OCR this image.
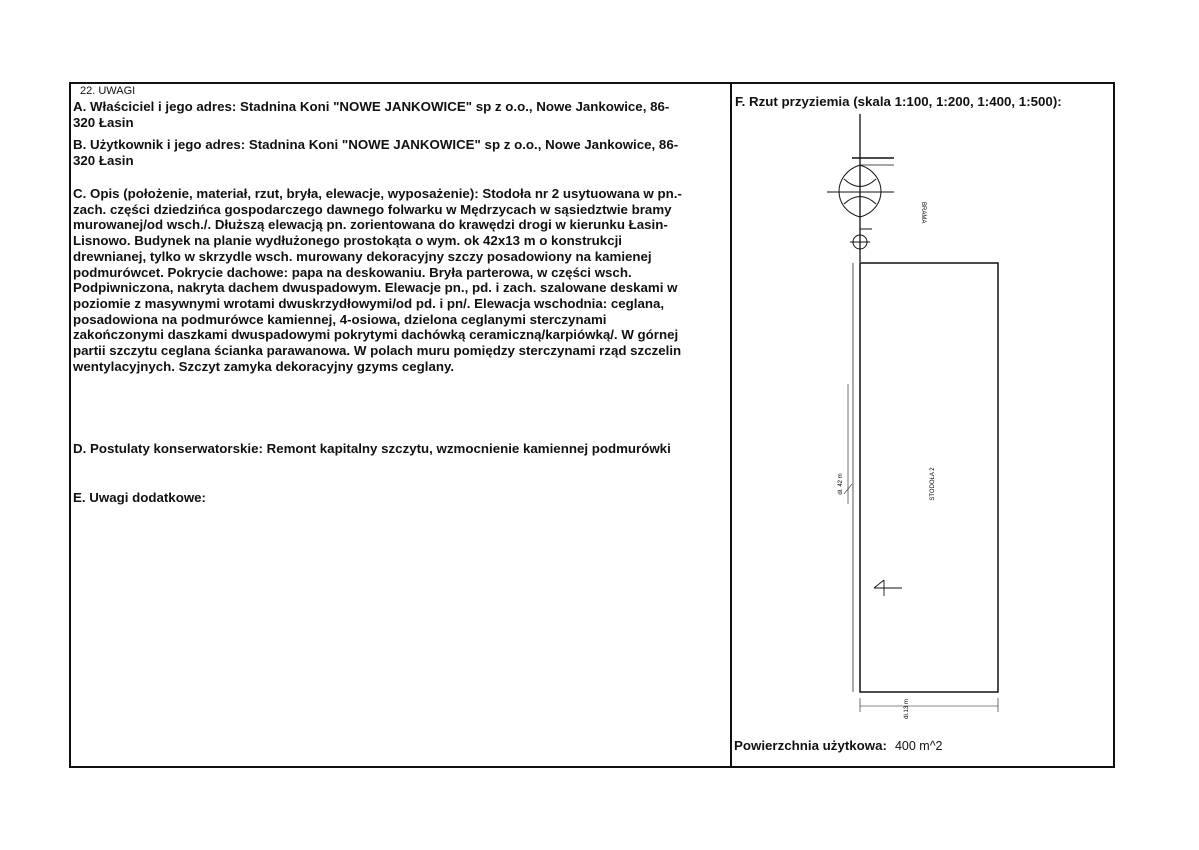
22. UWAGI
A. Właściciel i jego adres: Stadnina Koni "NOWE JANKOWICE" sp z o.o., Nowe Jankowice, 86-
320 Łasin
B. Użytkownik i jego adres: Stadnina Koni "NOWE JANKOWICE" sp z o.o., Nowe Jankowice, 86-
320 Łasin
C. Opis (położenie, materiał, rzut, bryła, elewacje, wyposażenie): Stodoła nr 2 usytuowana w pn.-
zach. części dziedzińca gospodarczego dawnego folwarku w Mędrzycach w sąsiedztwie bramy
murowanej/od wsch./. Dłuższą elewacją pn. zorientowana do krawędzi drogi w kierunku Łasin-
Lisnowo. Budynek na planie wydłużonego prostokąta o wym. ok 42x13 m o konstrukcji
drewnianej, tylko w skrzydle wsch. murowany dekoracyjny szczy posadowiony na kamienej
podmurówcet. Pokrycie dachowe: papa na deskowaniu. Bryła parterowa, w części wsch.
Podpiwniczona, nakryta dachem dwuspadowym. Elewacje pn., pd. i zach. szalowane deskami w
poziomie z masywnymi wrotami dwuskrzydłowymi/od pd. i pn/. Elewacja wschodnia: ceglana,
posadowiona na podmurówce kamiennej, 4-osiowa, dzielona ceglanymi sterczynami
zakończonymi daszkami dwuspadowymi pokrytymi dachówką ceramiczną/karpiówką/. W górnej
partii szczytu ceglana ścianka parawanowa. W polach muru pomiędzy sterczynami rząd szczelin
wentylacyjnych. Szczyt zamyka dekoracyjny gzyms ceglany.
D. Postulaty konserwatorskie: Remont kapitalny szczytu, wzmocnienie kamiennej podmurówki
E. Uwagi dodatkowe:
F. Rzut przyziemia (skala 1:100, 1:200, 1:400, 1:500):
BRAMA
STODOŁA 2
dł. 42 m
dł.13 m
Powierzchnia użytkowa: 400 m^2
